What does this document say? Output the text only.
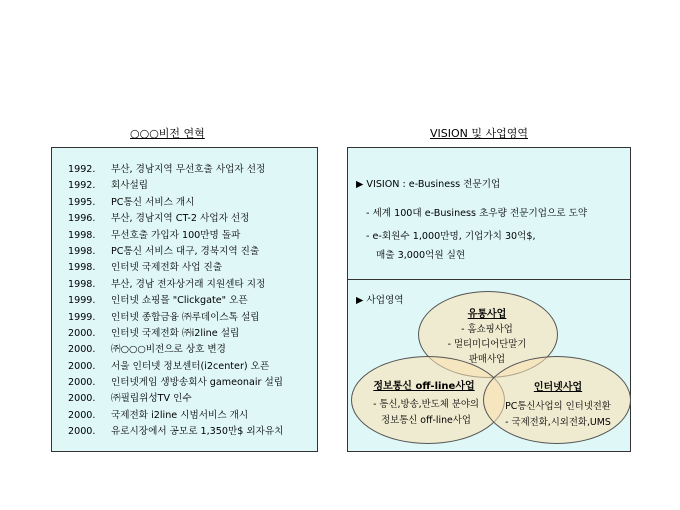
○○○비전 연혁	VISION 및 사업영역
1992. 부산, 경남지역 무선호출 사업자 선정
1992. 회사설립
1995. PC통신 서비스 개시
1996. 부산, 경남지역 CT-2 사업자 선정
1998. 무선호출 가입자 100만명 돌파
1998. PC통신 서비스 대구, 경북지역 진출
1998. 인터넷 국제전화 사업 진출
1998. 부산, 경남 전자상거래 지원센타 지정
1999. 인터넷 쇼핑몰 "Clickgate" 오픈
1999. 인터넷 종합금융 ㈜루데이스톡 설립
2000. 인터넷 국제전화 ㈜i2line 설립
2000. ㈜○○○비전으로 상호 변경
2000. 서울 인터넷 정보센터(i2center) 오픈
2000. 인터넷게임 생방송회사 gameonair 설립
2000. ㈜필립위성TV 인수
2000. 국제전화 i2line 시범서비스 개시
2000. 유로시장에서 공모로 1,350만$ 외자유치
▶ VISION : e-Business 전문기업
- 세계 100대 e-Business 초우량 전문기업으로 도약
- e-회원수 1,000만명, 기업가치 30억$,
매출 3,000억원 실현
▶ 사업영역
유통사업
- 홈쇼핑사업
- 멀티미디어단말기
판매사업
정보통신 off-line사업
- 통신,방송,반도체 분야의
정보통신 off-line사업
인터넷사업
PC통신사업의 인터넷전환
- 국제전화,시외전화,UMS
